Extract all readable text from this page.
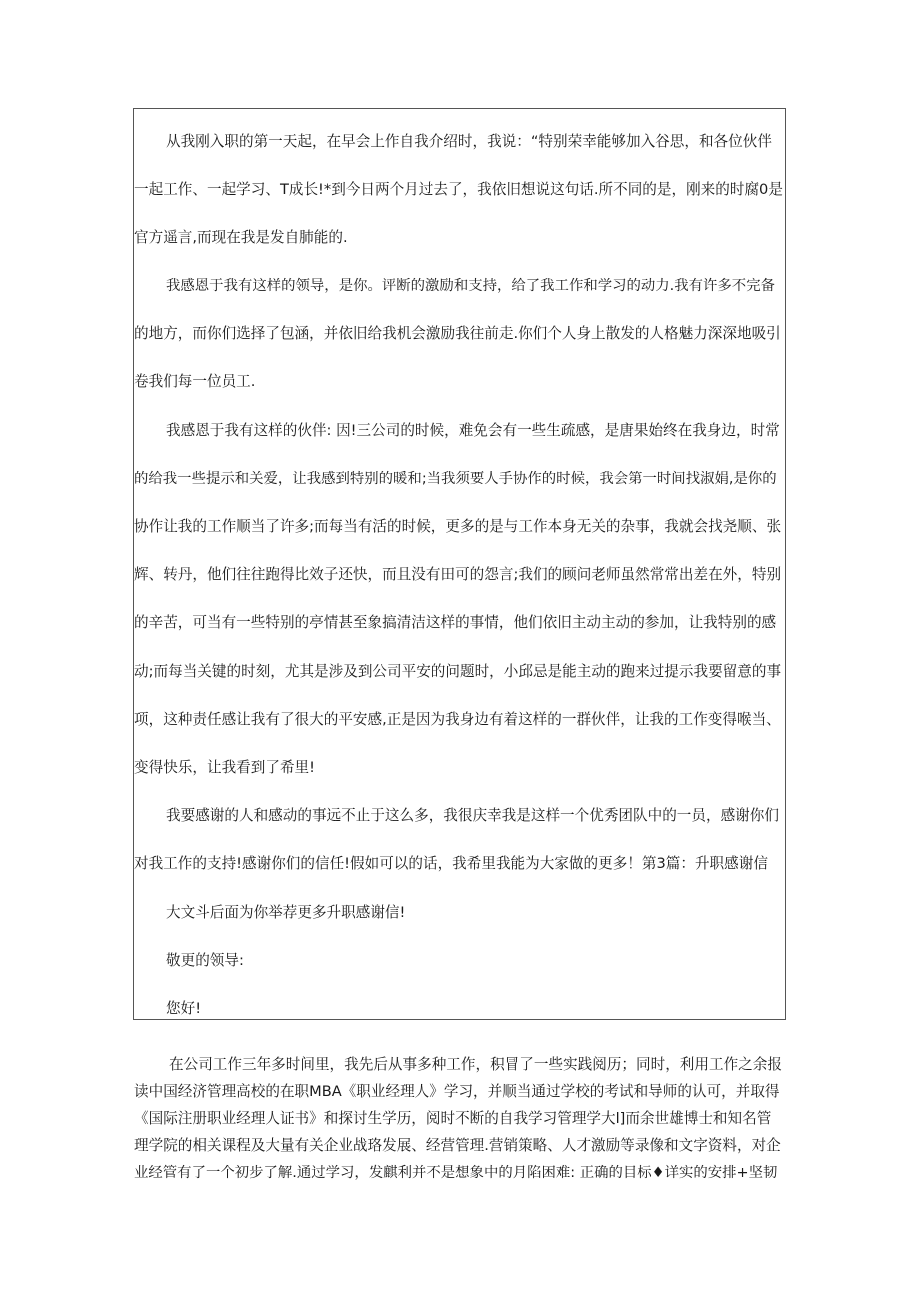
从我刚入职的第一天起，在早会上作自我介绍时，我说：“特别荣幸能够加入谷思，和各位伙伴
一起工作、一起学习、T成长!*到今日两个月过去了，我依旧想说这句话.所不同的是，刚来的时腐0是
官方遥言,而现在我是发自肺能的.
我感恩于我有这样的领导，是你。评断的激励和支持，给了我工作和学习的动力.我有许多不完备
的地方，而你们选择了包涵，并依旧给我机会激励我往前走.你们个人身上散发的人格魅力深深地吸引
卷我们每一位员工.
我感恩于我有这样的伙伴: 因!三公司的时候，难免会有一些生疏感，是唐果始终在我身边，时常
的给我一些提示和关爱，让我感到特别的暖和;当我须要人手协作的时候，我会第一时间找淑娟,是你的
协作让我的工作顺当了许多;而每当有活的时候，更多的是与工作本身无关的杂事，我就会找尧顺、张
辉、转丹，他们往往跑得比效子还快，而且没有田可的怨言;我们的顾问老师虽然常常出差在外，特别
的辛苦，可当有一些特别的亭情甚至象搞清洁这样的事情，他们依旧主动主动的参加，让我特别的感
动;而每当关键的时刻，尤其是涉及到公司平安的问题时，小邱忌是能主动的跑来过提示我要留意的事
项，这种责任感让我有了很大的平安感,正是因为我身边有着这样的一群伙伴，让我的工作变得喉当、
变得快乐，让我看到了希里!
我要感谢的人和感动的事远不止于这么多，我很庆幸我是这样一个优秀团队中的一员，感谢你们
对我工作的支持!感谢你们的信任!假如可以的话，我希里我能为大家做的更多！第3篇：升职感谢信
大文斗后面为你举荐更多升职感谢信!
敬更的领导:
您好!
在公司工作三年多时间里，我先后从事多种工作，积冒了一些实践阅历；同时，利用工作之余报
读中国经济管理高校的在职MBA《职业经理人》学习，并顺当通过学校的考试和导师的认可，并取得
《国际注册职业经理人证书》和探讨生学历，阅时不断的自我学习管理学大l]而余世雄博士和知名管
理学院的相关课程及大量有关企业战珞发展、经营管理.营销策略、人才激励等录像和文字资料，对企
业经管有了一个初步了解.通过学习，发麒利并不是想象中的月陷困难: 正确的目标♦详实的安排+坚韧
